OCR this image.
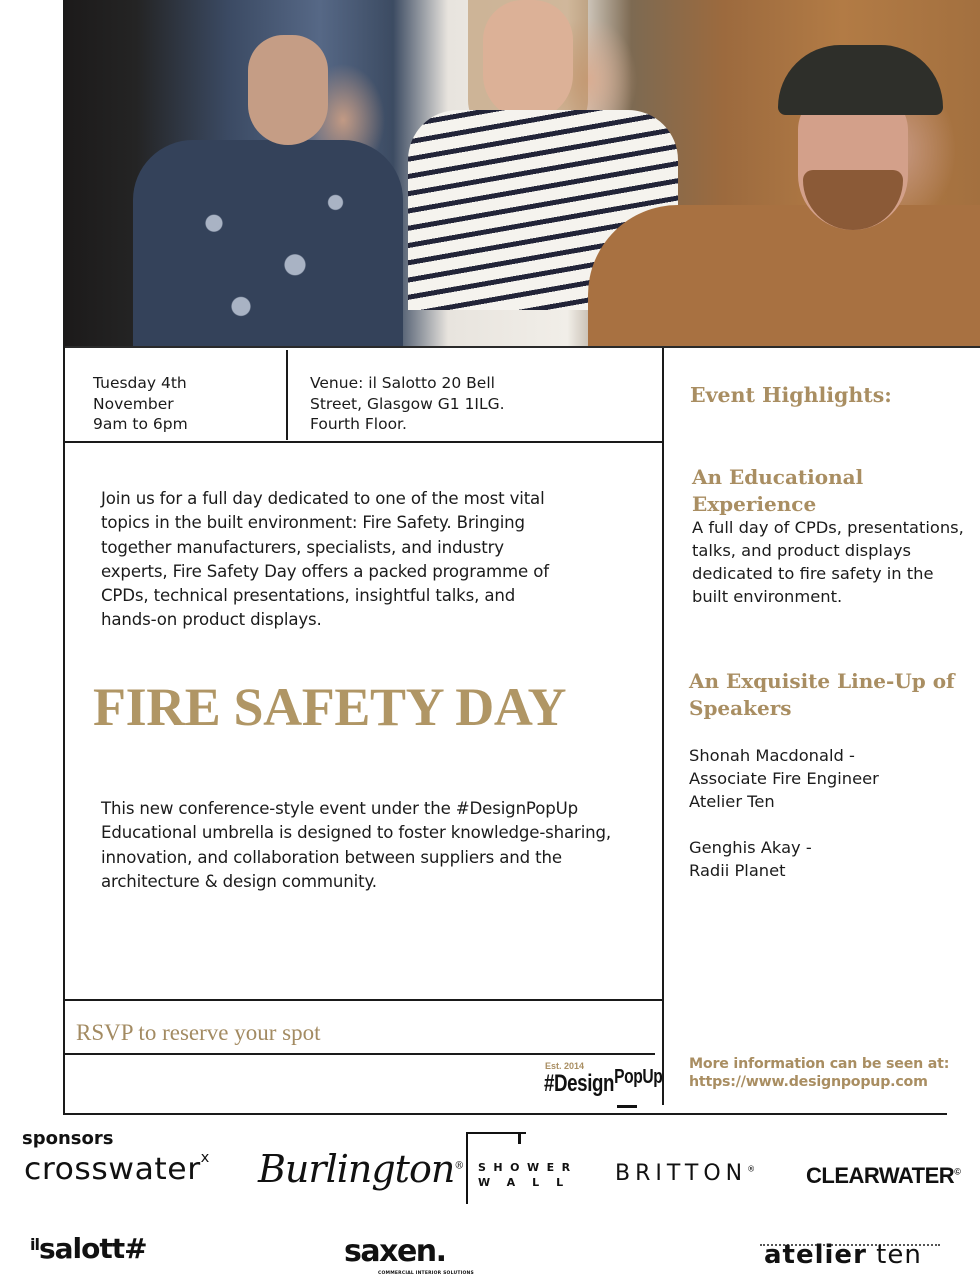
Tuesday 4th
November
9am to 6pm
Venue: il Salotto 20 Bell
Street, Glasgow G1 1ILG.
Fourth Floor.

Join us for a full day dedicated to one of the most vital topics in the built environment: Fire Safety. Bringing together manufacturers, specialists, and industry experts, Fire Safety Day offers a packed programme of CPDs, technical presentations, insightful talks, and hands-on product displays.

FIRE SAFETY DAY

This new conference-style event under the #DesignPopUp Educational umbrella is designed to foster knowledge-sharing, innovation, and collaboration between suppliers and the architecture & design community.

RSVP to reserve your spot
Est. 2014
#DesignPopUp
Event Highlights:
An Educational Experience

A full day of CPDs, presentations, talks, and product displays dedicated to fire safety in the built environment.

An Exquisite Line-Up of Speakers
Shonah Macdonald -
Associate Fire Engineer
Atelier Ten
Genghis Akay -
Radii Planet
More information can be seen at:
https://www.designpopup.com
sponsors
crosswater$^x$ Burlington® SHOWER
WALL BRITTON® CLEARWATER©
$^{il}$salott#	saxen.
COMMERCIAL INTERIOR SOLUTIONS
atelier ten
